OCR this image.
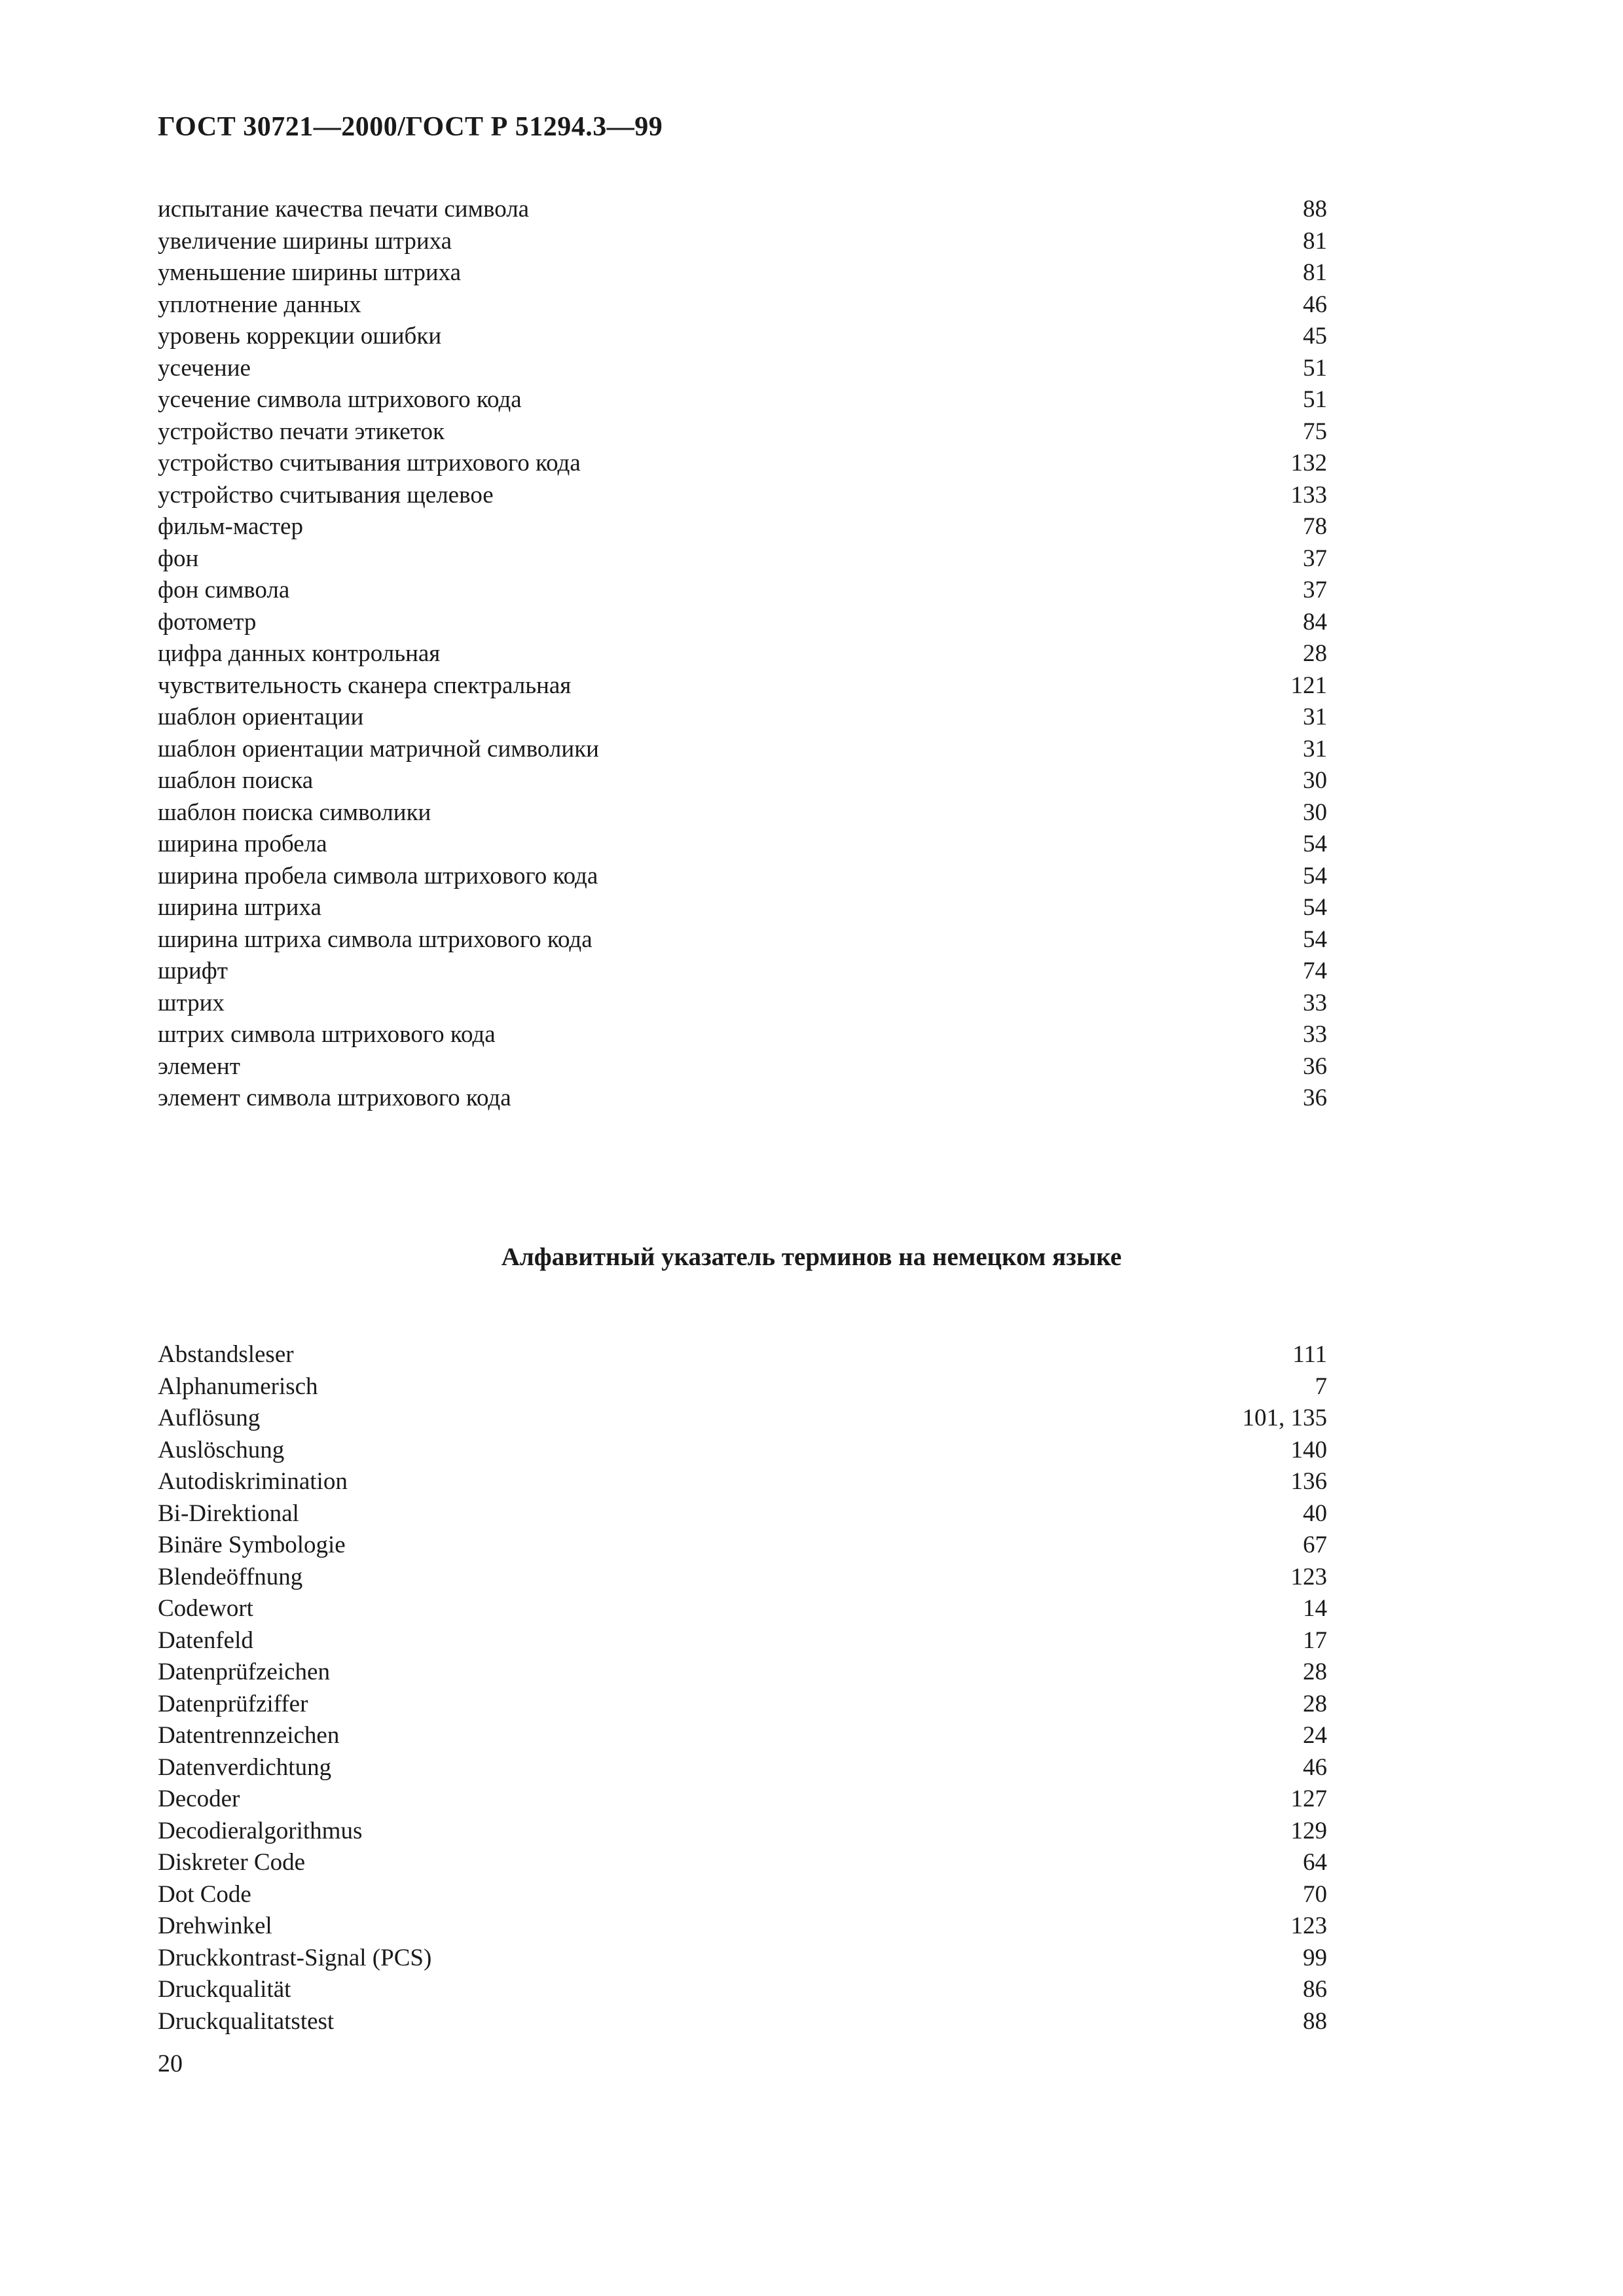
ГОСТ 30721—2000/ГОСТ Р 51294.3—99
испытание качества печати символа	88
увеличение ширины штриха	81
уменьшение ширины штриха	81
уплотнение данных	46
уровень коррекции ошибки	45
усечение	51
усечение символа штрихового кода	51
устройство печати этикеток	75
устройство считывания штрихового кода	132
устройство считывания щелевое	133
фильм-мастер	78
фон	37
фон символа	37
фотометр	84
цифра данных контрольная	28
чувствительность сканера спектральная	121
шаблон ориентации	31
шаблон ориентации матричной символики	31
шаблон поиска	30
шаблон поиска символики	30
ширина пробела	54
ширина пробела символа штрихового кода	54
ширина штриха	54
ширина штриха символа штрихового кода	54
шрифт	74
штрих	33
штрих символа штрихового кода	33
элемент	36
элемент символа штрихового кода	36
Алфавитный указатель терминов на немецком языке
Abstandsleser	111
Alphanumerisch	7
Auflösung	101, 135
Auslöschung	140
Autodiskrimination	136
Bi-Direktional	40
Binäre Symbologie	67
Blendeöffnung	123
Codewort	14
Datenfeld	17
Datenprüfzeichen	28
Datenprüfziffer	28
Datentrennzeichen	24
Datenverdichtung	46
Decoder	127
Decodieralgorithmus	129
Diskreter Code	64
Dot Code	70
Drehwinkel	123
Druckkontrast-Signal (PCS)	99
Druckqualität	86
Druckqualitatstest	88
20
